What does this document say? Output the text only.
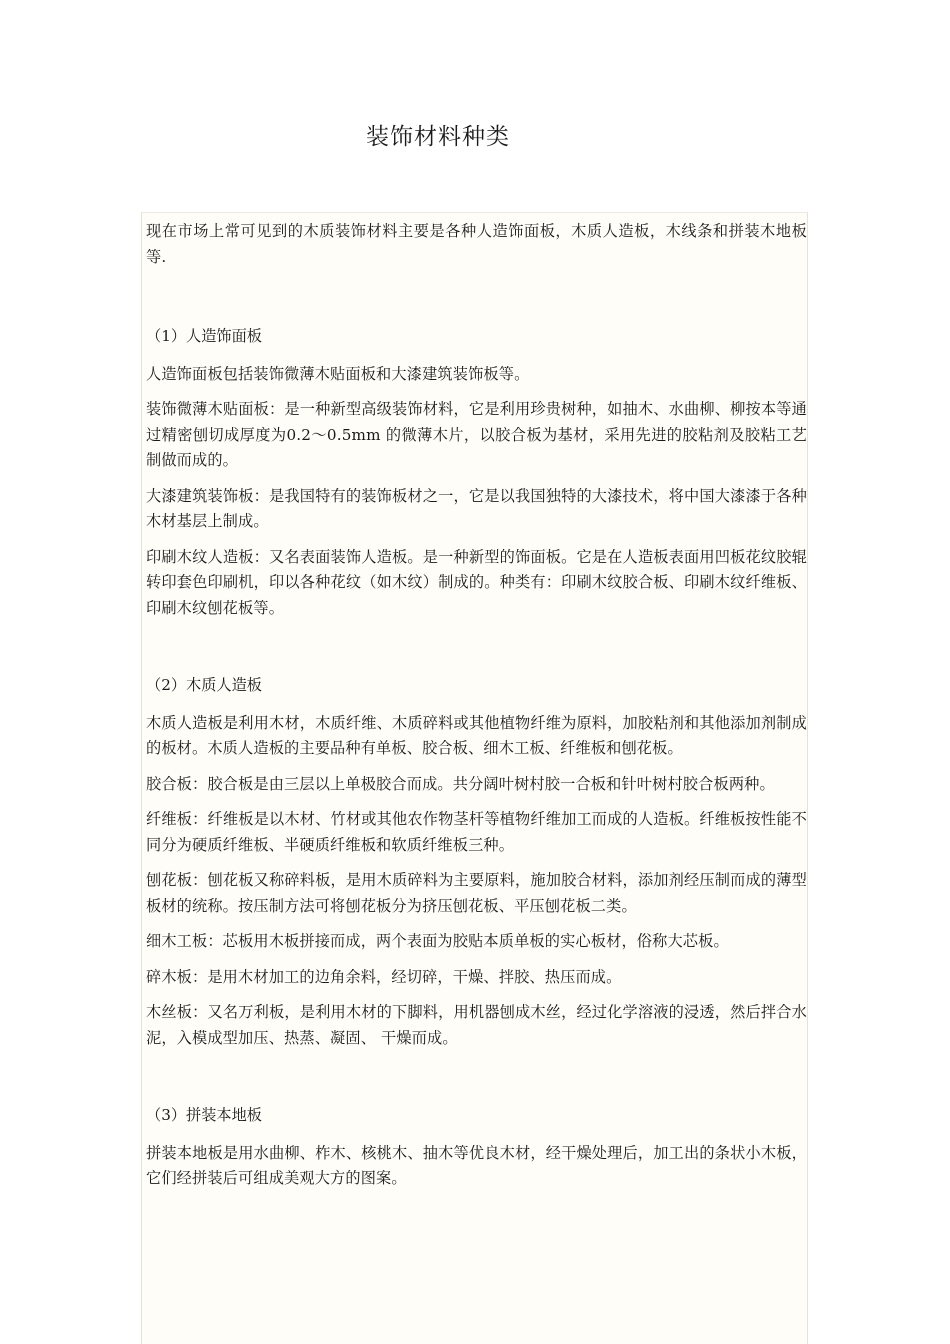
装饰材料种类

现在市场上常可见到的木质装饰材料主要是各种人造饰面板，木质人造板，木线条和拼装木地板等.

（1）人造饰面板

人造饰面板包括装饰微薄木贴面板和大漆建筑装饰板等。

装饰微薄木贴面板：是一种新型高级装饰材料，它是利用珍贵树种，如抽木、水曲柳、柳按本等通过精密刨切成厚度为0.2～0.5mm 的微薄木片，以胶合板为基材，采用先进的胶粘剂及胶粘工艺制做而成的。

大漆建筑装饰板：是我国特有的装饰板材之一，它是以我国独特的大漆技术，将中国大漆漆于各种木材基层上制成。

印刷木纹人造板：又名表面装饰人造板。是一种新型的饰面板。它是在人造板表面用凹板花纹胶辊转印套色印刷机，印以各种花纹（如木纹）制成的。种类有：印刷木纹胶合板、印刷木纹纤维板、印刷木纹刨花板等。

（2）木质人造板

木质人造板是利用木材，木质纤维、木质碎料或其他植物纤维为原料，加胶粘剂和其他添加剂制成的板材。木质人造板的主要品种有单板、胶合板、细木工板、纤维板和刨花板。

胶合板：胶合板是由三层以上单极胶合而成。共分阔叶树村胶一合板和针叶树村胶合板两种。

纤维板：纤维板是以木材、竹材或其他农作物茎杆等植物纤维加工而成的人造板。纤维板按性能不同分为硬质纤维板、半硬质纤维板和软质纤维板三种。

刨花板：刨花板又称碎料板，是用木质碎料为主要原料，施加胶合材料，添加剂经压制而成的薄型板材的统称。按压制方法可将刨花板分为挤压刨花板、平压刨花板二类。

细木工板：芯板用木板拼接而成，两个表面为胶贴本质单板的实心板材，俗称大芯板。

碎木板：是用木材加工的边角余料，经切碎，干燥、拌胶、热压而成。

木丝板：又名万利板，是利用木材的下脚料，用机器刨成木丝，经过化学溶液的浸透，然后拌合水泥，入模成型加压、热蒸、凝固、 干燥而成。

（3）拼装本地板

拼装本地板是用水曲柳、柞木、核桃木、抽木等优良木材，经干燥处理后，加工出的条状小木板，它们经拼装后可组成美观大方的图案。
